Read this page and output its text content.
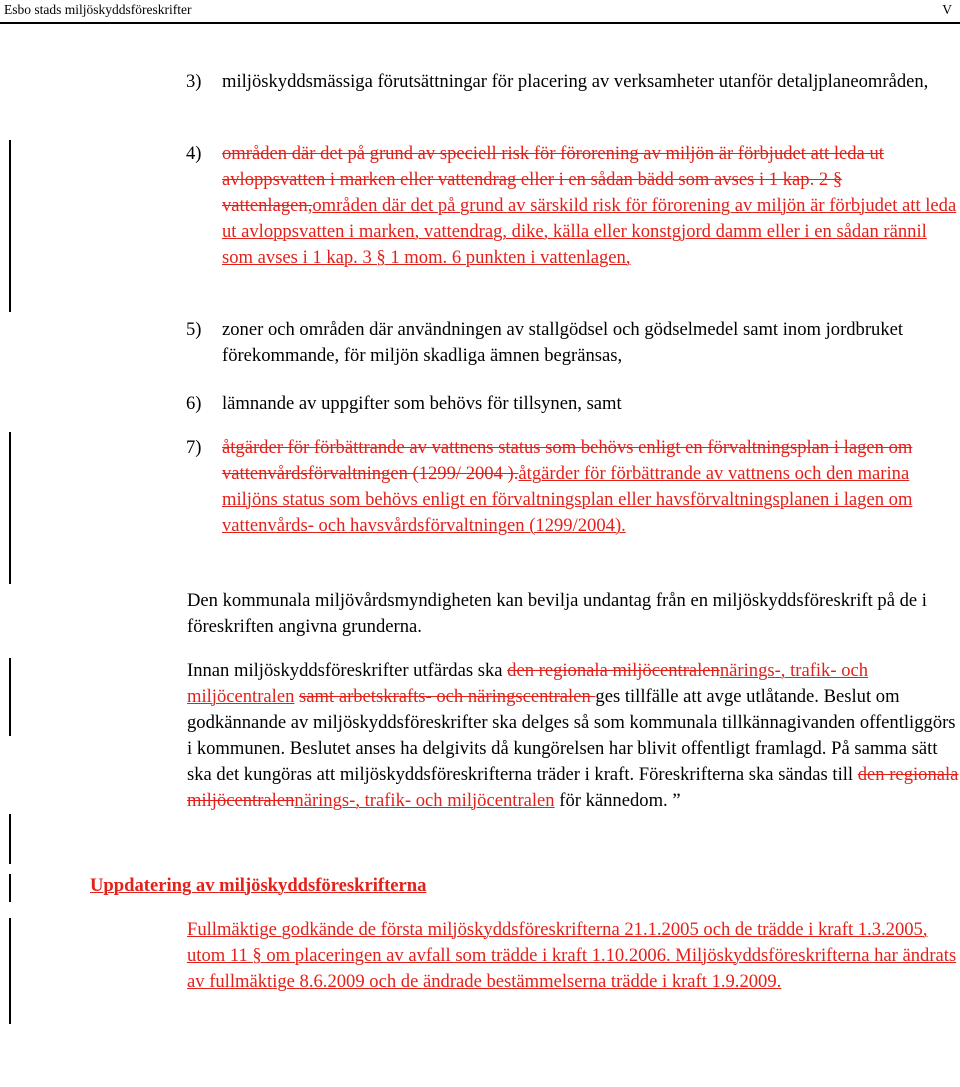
Esbo stads miljöskyddsföreskrifter	V
3) miljöskyddsmässiga förutsättningar för placering av verksamheter utanför detaljplaneområden,

4) områden där det på grund av speciell risk för förorening av miljön är förbjudet att leda ut avloppsvatten i marken eller vattendrag eller i en sådan bädd som avses i 1 kap. 2 § vattenlagen,områden där det på grund av särskild risk för förorening av miljön är förbjudet att leda ut avloppsvatten i marken, vattendrag, dike, källa eller konstgjord damm eller i en sådan rännil som avses i 1 kap. 3 § 1 mom. 6 punkten i vattenlagen,

5) zoner och områden där användningen av stallgödsel och gödselmedel samt inom jordbruket förekommande, för miljön skadliga ämnen begränsas,

6) lämnande av uppgifter som behövs för tillsynen, samt

7) åtgärder för förbättrande av vattnens status som behövs enligt en förvaltningsplan i lagen om vattenvårdsförvaltningen (1299/ 2004 ).åtgärder för förbättrande av vattnens och den marina miljöns status som behövs enligt en förvaltningsplan eller havsförvaltningsplanen i lagen om vattenvårds- och havsvårdsförvaltningen (1299/2004).

Den kommunala miljövårdsmyndigheten kan bevilja undantag från en miljöskyddsföreskrift på de i föreskriften angivna grunderna.

Innan miljöskyddsföreskrifter utfärdas ska den regionala miljöcentralennärings-, trafik- och miljöcentralen samt arbetskrafts- och näringscentralen ges tillfälle att avge utlåtande. Beslut om godkännande av miljöskyddsföreskrifter ska delges så som kommunala tillkännagivanden offentliggörs i kommunen. Beslutet anses ha delgivits då kungörelsen har blivit offentligt framlagd. På samma sätt ska det kungöras att miljöskyddsföreskrifterna träder i kraft. Föreskrifterna ska sändas till den regionala miljöcentralennärings-, trafik- och miljöcentralen för kännedom. ”

Uppdatering av miljöskyddsföreskrifterna

Fullmäktige godkände de första miljöskyddsföreskrifterna 21.1.2005 och de trädde i kraft 1.3.2005, utom 11 § om placeringen av avfall som trädde i kraft 1.10.2006. Miljöskyddsföreskrifterna har ändrats av fullmäktige 8.6.2009 och de ändrade bestämmelserna trädde i kraft 1.9.2009.
